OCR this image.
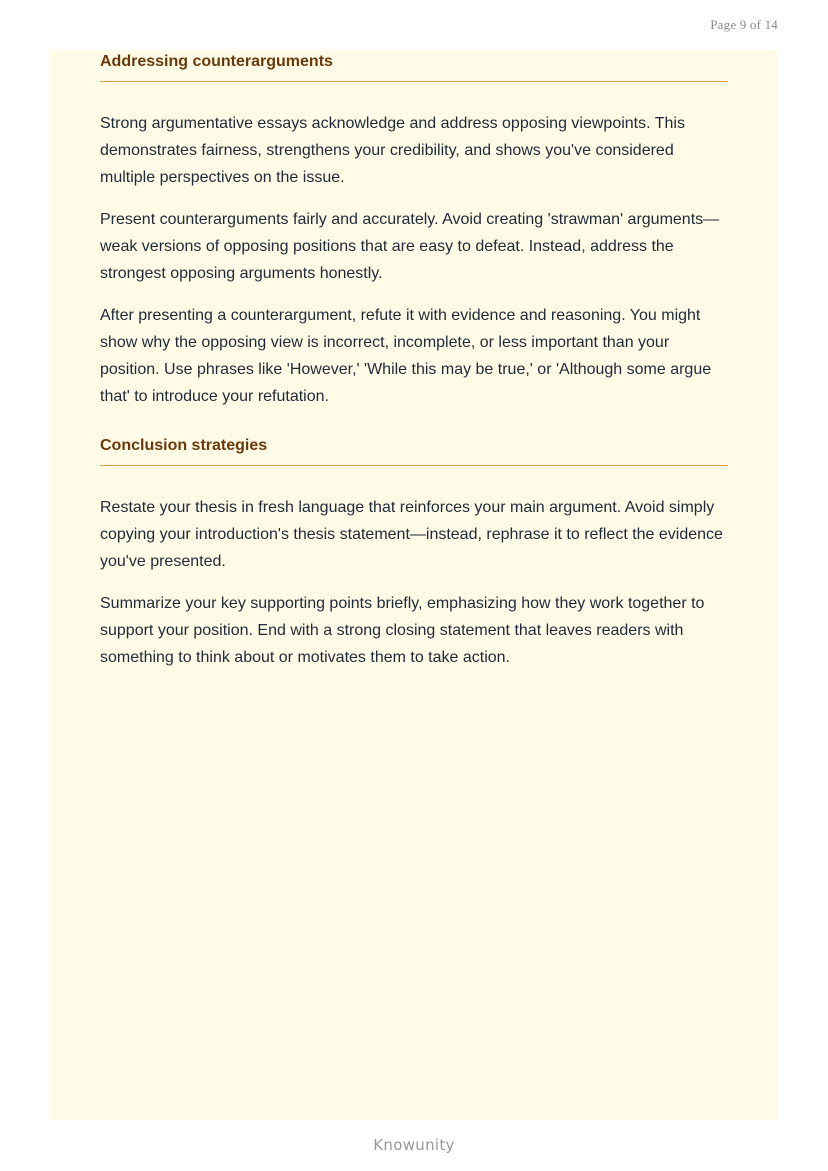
Page 9 of 14
Addressing counterarguments

Strong argumentative essays acknowledge and address opposing viewpoints. This demonstrates fairness, strengthens your credibility, and shows you've considered multiple perspectives on the issue.

Present counterarguments fairly and accurately. Avoid creating 'strawman' arguments—weak versions of opposing positions that are easy to defeat. Instead, address the strongest opposing arguments honestly.

After presenting a counterargument, refute it with evidence and reasoning. You might show why the opposing view is incorrect, incomplete, or less important than your position. Use phrases like 'However,' 'While this may be true,' or 'Although some argue that' to introduce your refutation.

Conclusion strategies

Restate your thesis in fresh language that reinforces your main argument. Avoid simply copying your introduction's thesis statement—instead, rephrase it to reflect the evidence you've presented.

Summarize your key supporting points briefly, emphasizing how they work together to support your position. End with a strong closing statement that leaves readers with something to think about or motivates them to take action.

Knowunity
